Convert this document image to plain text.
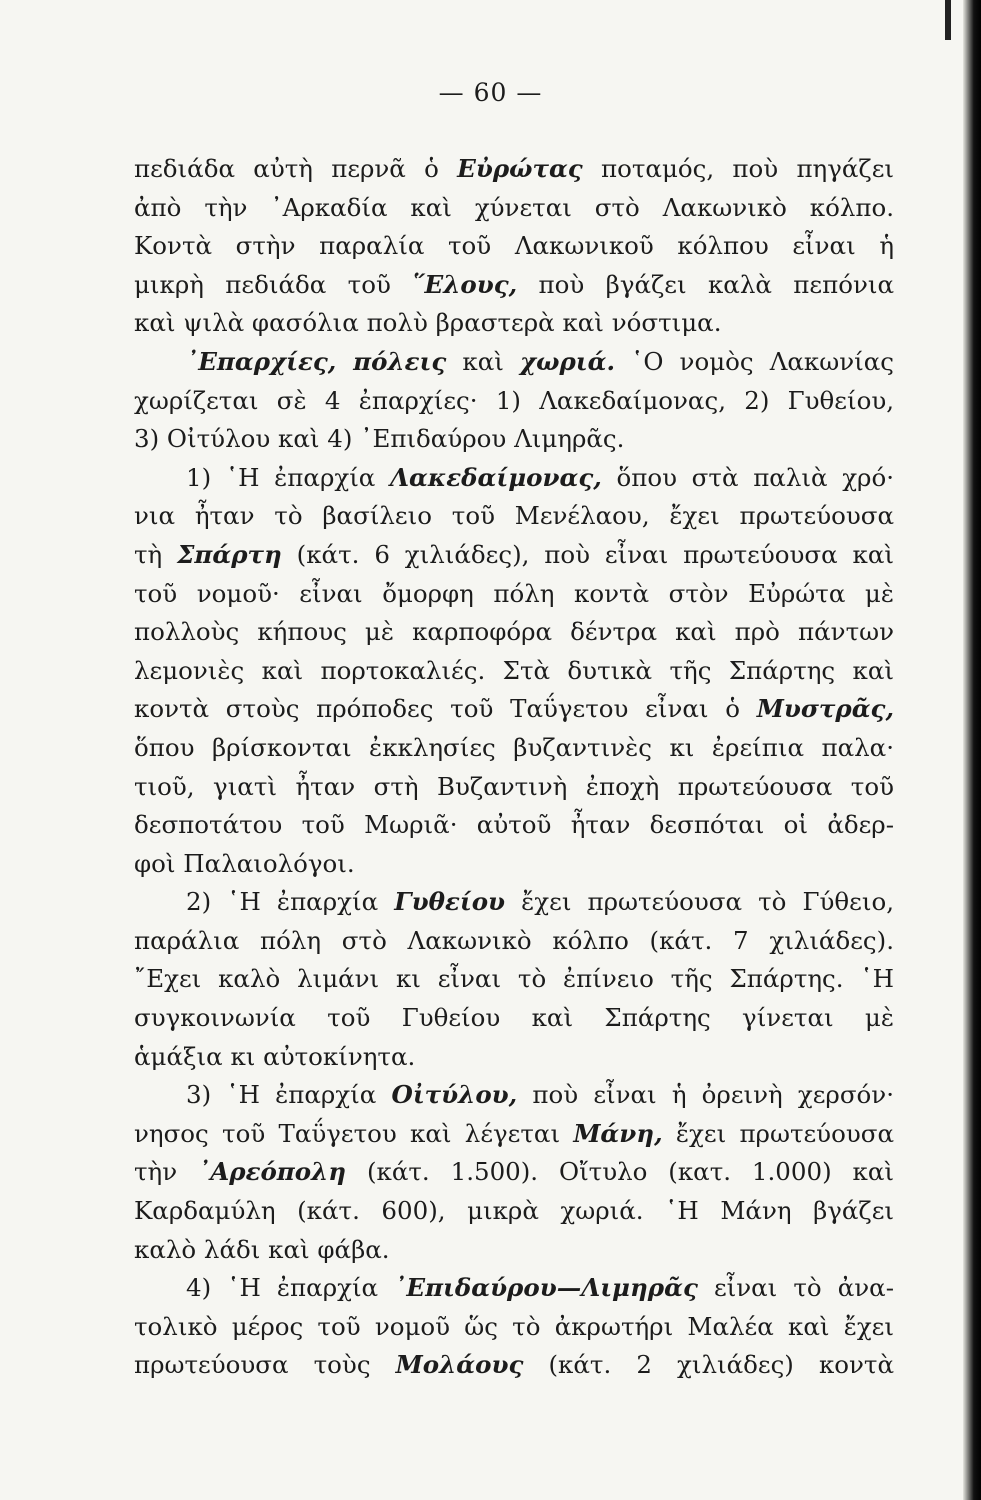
— 60 —
πεδιάδα αὐτὴ περνᾶ ὁ Εὐρώτας ποταμός, ποὺ πηγάζει
ἀπὸ τὴν ᾿Αρκαδία καὶ χύνεται στὸ Λακωνικὸ κόλπο.
Κοντὰ στὴν παραλία τοῦ Λακωνικοῦ κόλπου εἶναι ἡ
μικρὴ πεδιάδα τοῦ ῞Ελους, ποὺ βγάζει καλὰ πεπόνια
καὶ ψιλὰ φασόλια πολὺ βραστερὰ καὶ νόστιμα.
᾿Επαρχίες, πόλεις καὶ χωριά. ῾Ο νομὸς Λακωνίας
χωρίζεται σὲ 4 ἐπαρχίες· 1) Λακεδαίμονας, 2) Γυθείου,
3) Οἰτύλου καὶ 4) ᾿Επιδαύρου Λιμηρᾶς.
1) ῾Η ἐπαρχία Λακεδαίμονας, ὅπου στὰ παλιὰ χρό·
νια ἦταν τὸ βασίλειο τοῦ Μενέλαου, ἔχει πρωτεύουσα
τὴ Σπάρτη (κάτ. 6 χιλιάδες), ποὺ εἶναι πρωτεύουσα καὶ
τοῦ νομοῦ· εἶναι ὄμορφη πόλη κοντὰ στὸν Εὐρώτα μὲ
πολλοὺς κήπους μὲ καρποφόρα δέντρα καὶ πρὸ πάντων
λεμονιὲς καὶ πορτοκαλιές. Στὰ δυτικὰ τῆς Σπάρτης καὶ
κοντὰ στοὺς πρόποδες τοῦ Ταΰγετου εἶναι ὁ Μυστρᾶς,
ὅπου βρίσκονται ἐκκλησίες βυζαντινὲς κι ἐρείπια παλα·
τιοῦ, γιατὶ ἦταν στὴ Βυζαντινὴ ἐποχὴ πρωτεύουσα τοῦ
δεσποτάτου τοῦ Μωριᾶ· αὐτοῦ ἦταν δεσπόται οἱ ἀδερ-
φοὶ Παλαιολόγοι.
2) ῾Η ἐπαρχία Γυθείου ἔχει πρωτεύουσα τὸ Γύθειο,
παράλια πόλη στὸ Λακωνικὸ κόλπο (κάτ. 7 χιλιάδες).
῎Εχει καλὸ λιμάνι κι εἶναι τὸ ἐπίνειο τῆς Σπάρτης. ῾Η
συγκοινωνία τοῦ Γυθείου καὶ Σπάρτης γίνεται μὲ
ἁμάξια κι αὐτοκίνητα.
3) ῾Η ἐπαρχία Οἰτύλου, ποὺ εἶναι ἡ ὀρεινὴ χερσόν·
νησος τοῦ Ταΰγετου καὶ λέγεται Μάνη, ἔχει πρωτεύουσα
τὴν ᾿Αρεόπολη (κάτ. 1.500). Οἴτυλο (κατ. 1.000) καὶ
Καρδαμύλη (κάτ. 600), μικρὰ χωριά. ῾Η Μάνη βγάζει
καλὸ λάδι καὶ φάβα.
4) ῾Η ἐπαρχία ᾿Επιδαύρου—Λιμηρᾶς εἶναι τὸ ἀνα-
τολικὸ μέρος τοῦ νομοῦ ὥς τὸ ἀκρωτήρι Μαλέα καὶ ἔχει
πρωτεύουσα τοὺς Μολάους (κάτ. 2 χιλιάδες) κοντὰ
